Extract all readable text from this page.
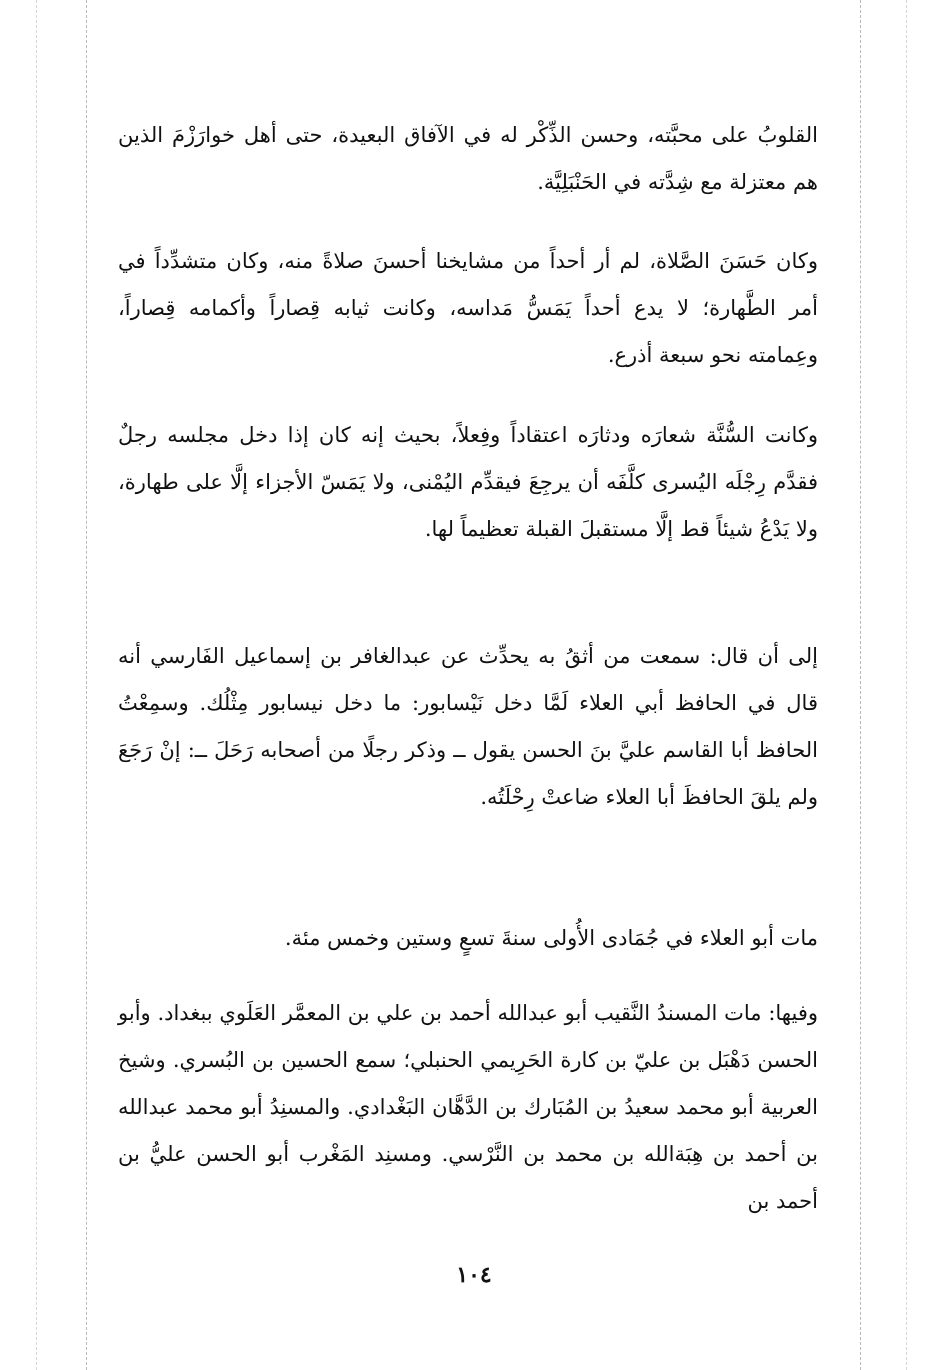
القلوبُ على محبَّته، وحسن الذِّكْر له في الآفاق البعيدة، حتى أهل خوارَزْمَ الذين هم معتزلة مع شِدَّته في الحَنْبَلِيَّة.

وكان حَسَنَ الصَّلاة، لم أر أحداً من مشايخنا أحسنَ صلاةً منه، وكان متشدِّداً في أمر الطَّهارة؛ لا يدع أحداً يَمَسُّ مَداسه، وكانت ثيابه قِصاراً وأكمامه قِصاراً، وعِمامته نحو سبعة أذرع.

وكانت السُّنَّة شعارَه ودثارَه اعتقاداً وفِعلاً، بحيث إنه كان إذا دخل مجلسه رجلٌ فقدَّم رِجْلَه اليُسرى كلَّفَه أن يرجِعَ فيقدِّم اليُمْنى، ولا يَمَسّ الأجزاء إلَّا على طهارة، ولا يَدْعُ شيئاً قط إلَّا مستقبلَ القبلة تعظيماً لها.

إلى أن قال: سمعت من أثقُ به يحدِّث عن عبدالغافر بن إسماعيل الفَارسي أنه قال في الحافظ أبي العلاء لَمَّا دخل نَيْسابور: ما دخل نيسابور مِثْلُك. وسمِعْتُ الحافظ أبا القاسم عليَّ بنَ الحسن يقول ــ وذكر رجلًا من أصحابه رَحَلَ ــ: إنْ رَجَعَ ولم يلقَ الحافظَ أبا العلاء ضاعتْ رِحْلَتُه.

مات أبو العلاء في جُمَادى الأُولى سنةَ تسعٍ وستين وخمس مئة.

وفيها: مات المسندُ النَّقيب أبو عبدالله أحمد بن علي بن المعمَّر العَلَوي ببغداد. وأبو الحسن دَهْبَل بن عليّ بن كارة الحَرِيمي الحنبلي؛ سمع الحسين بن البُسري. وشيخ العربية أبو محمد سعيدُ بن المُبَارك بن الدَّهَّان البَغْدادي. والمسنِدُ أبو محمد عبدالله بن أحمد بن هِبَةالله بن محمد بن النَّرْسي. ومسنِد المَغْرب أبو الحسن عليُّ بن أحمد بن

١٠٤
